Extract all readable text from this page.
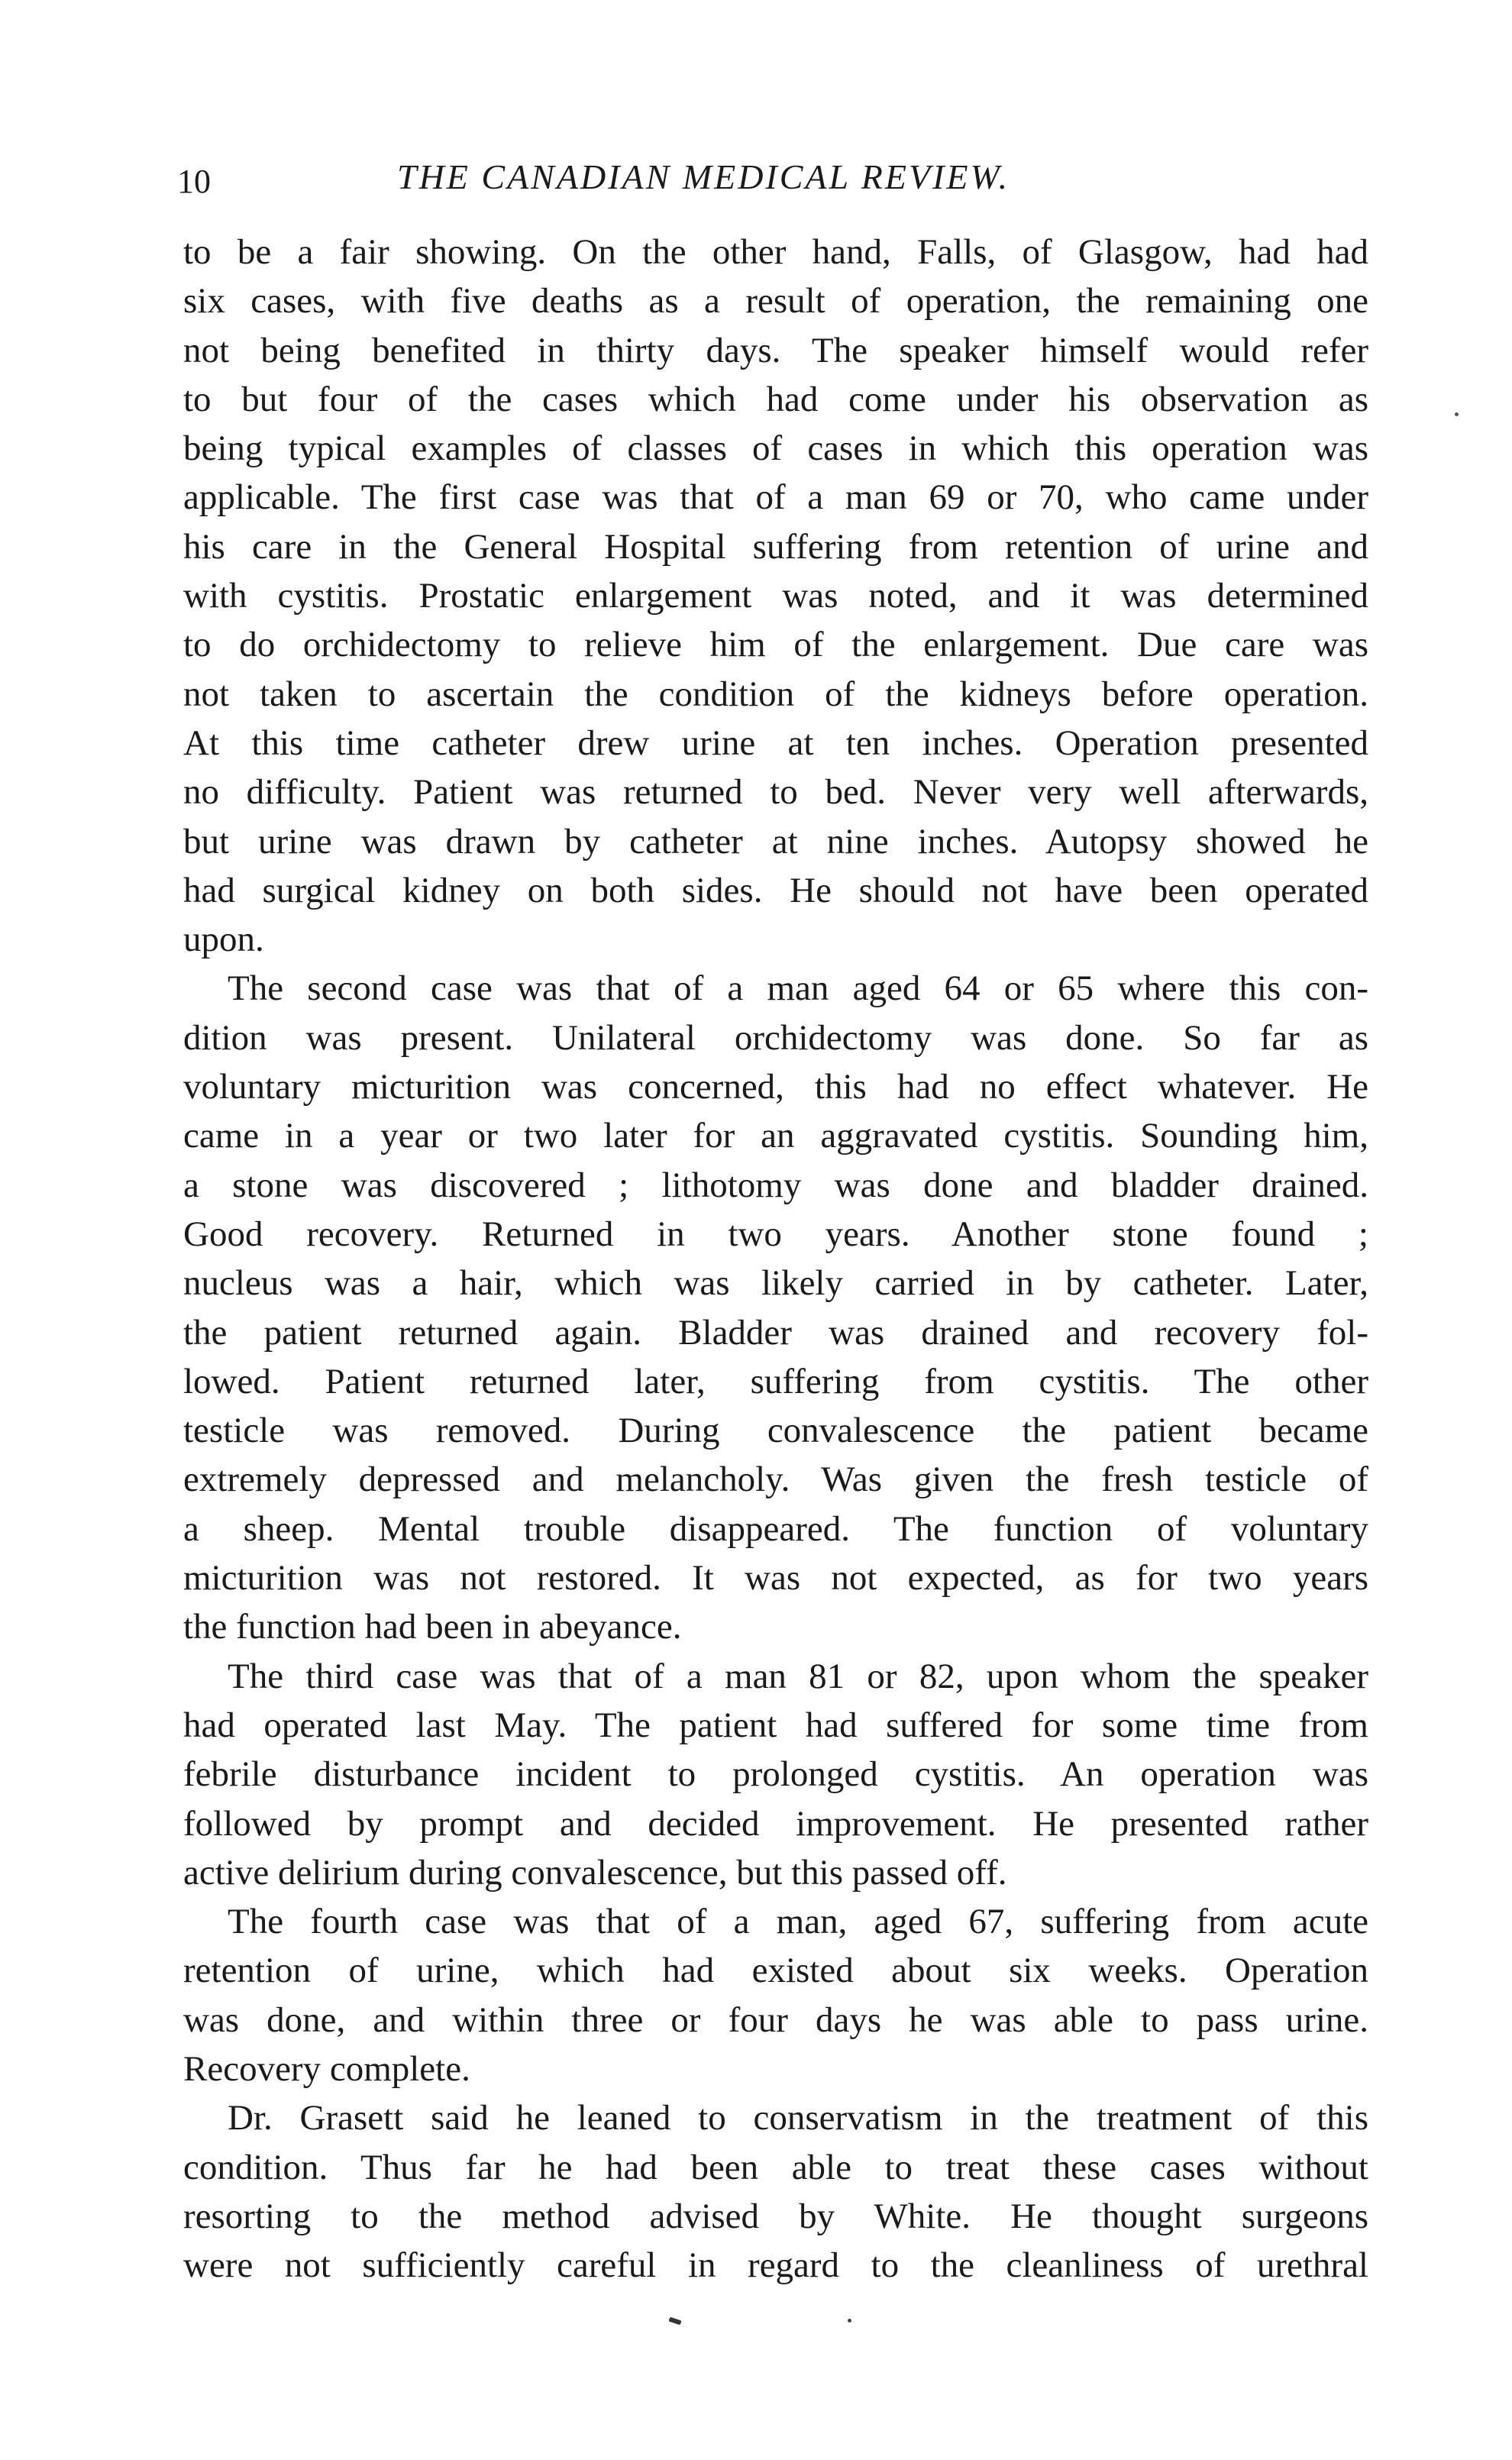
10	THE CANADIAN MEDICAL REVIEW.
to be a fair showing. On the other hand, Falls, of Glasgow, had had
six cases, with five deaths as a result of operation, the remaining one
not being benefited in thirty days. The speaker himself would refer
to but four of the cases which had come under his observation as
being typical examples of classes of cases in which this operation was
applicable. The first case was that of a man 69 or 70, who came under
his care in the General Hospital suffering from retention of urine and
with cystitis. Prostatic enlargement was noted, and it was determined
to do orchidectomy to relieve him of the enlargement. Due care was
not taken to ascertain the condition of the kidneys before operation.
At this time catheter drew urine at ten inches. Operation presented
no difficulty. Patient was returned to bed. Never very well afterwards,
but urine was drawn by catheter at nine inches. Autopsy showed he
had surgical kidney on both sides. He should not have been operated
upon.
The second case was that of a man aged 64 or 65 where this con-
dition was present. Unilateral orchidectomy was done. So far as
voluntary micturition was concerned, this had no effect whatever. He
came in a year or two later for an aggravated cystitis. Sounding him,
a stone was discovered ; lithotomy was done and bladder drained.
Good recovery. Returned in two years. Another stone found ;
nucleus was a hair, which was likely carried in by catheter. Later,
the patient returned again. Bladder was drained and recovery fol-
lowed. Patient returned later, suffering from cystitis. The other
testicle was removed. During convalescence the patient became
extremely depressed and melancholy. Was given the fresh testicle of
a sheep. Mental trouble disappeared. The function of voluntary
micturition was not restored. It was not expected, as for two years
the function had been in abeyance.
The third case was that of a man 81 or 82, upon whom the speaker
had operated last May. The patient had suffered for some time from
febrile disturbance incident to prolonged cystitis. An operation was
followed by prompt and decided improvement. He presented rather
active delirium during convalescence, but this passed off.
The fourth case was that of a man, aged 67, suffering from acute
retention of urine, which had existed about six weeks. Operation
was done, and within three or four days he was able to pass urine.
Recovery complete.
Dr. Grasett said he leaned to conservatism in the treatment of this
condition. Thus far he had been able to treat these cases without
resorting to the method advised by White. He thought surgeons
were not sufficiently careful in regard to the cleanliness of urethral
